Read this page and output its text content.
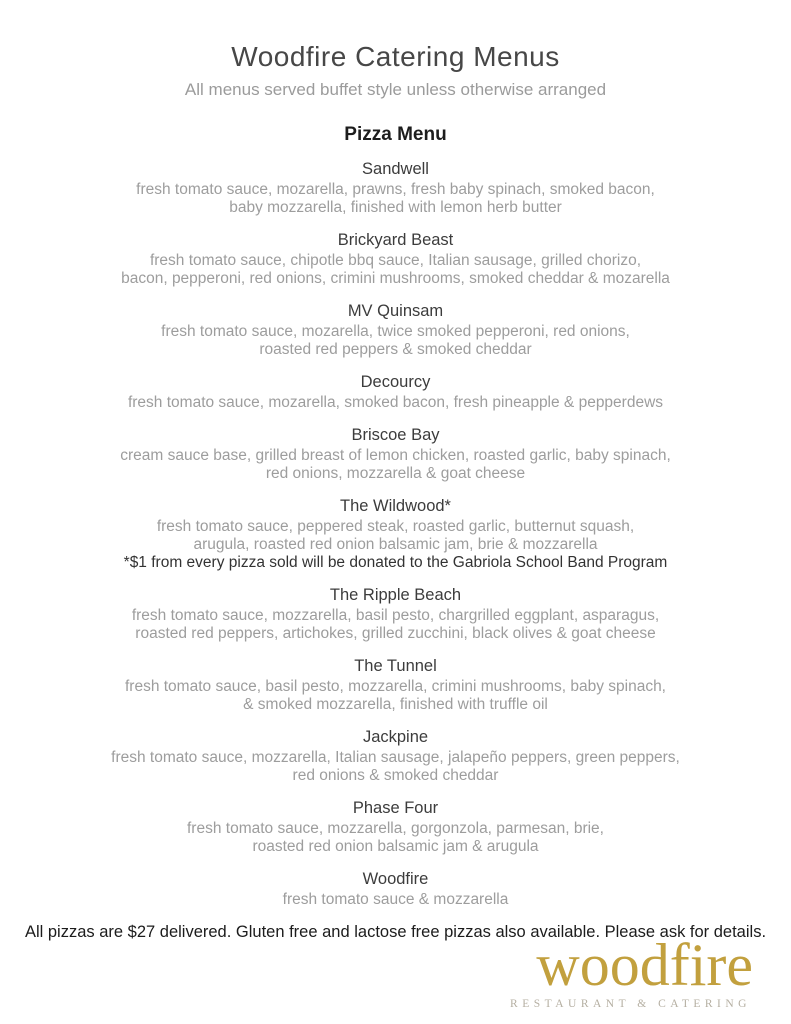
Woodfire Catering Menus
All menus served buffet style unless otherwise arranged
Pizza Menu
Sandwell
fresh tomato sauce, mozarella, prawns, fresh baby spinach, smoked bacon,
baby mozzarella, finished with lemon herb butter
Brickyard Beast
fresh tomato sauce, chipotle bbq sauce, Italian sausage, grilled chorizo,
bacon, pepperoni, red onions, crimini mushrooms, smoked cheddar & mozarella
MV Quinsam
fresh tomato sauce, mozarella, twice smoked pepperoni, red onions,
roasted red peppers & smoked cheddar
Decourcy
fresh tomato sauce, mozarella, smoked bacon, fresh pineapple & pepperdews
Briscoe Bay
cream sauce base, grilled breast of lemon chicken, roasted garlic, baby spinach,
red onions, mozzarella & goat cheese
The Wildwood*
fresh tomato sauce, peppered steak, roasted garlic, butternut squash,
arugula, roasted red onion balsamic jam, brie & mozzarella
*$1 from every pizza sold will be donated to the Gabriola School Band Program
The Ripple Beach
fresh tomato sauce, mozzarella, basil pesto, chargrilled eggplant, asparagus,
roasted red peppers, artichokes, grilled zucchini, black olives & goat cheese
The Tunnel
fresh tomato sauce, basil pesto, mozzarella, crimini mushrooms, baby spinach,
& smoked mozzarella, finished with truffle oil
Jackpine
fresh tomato sauce, mozzarella, Italian sausage, jalapeño peppers, green peppers,
red onions & smoked cheddar
Phase Four
fresh tomato sauce, mozzarella, gorgonzola, parmesan, brie,
roasted red onion balsamic jam & arugula
Woodfire
fresh tomato sauce & mozzarella
All pizzas are $27 delivered. Gluten free and lactose free pizzas also available. Please ask for details.
woodfire
RESTAURANT & CATERING
